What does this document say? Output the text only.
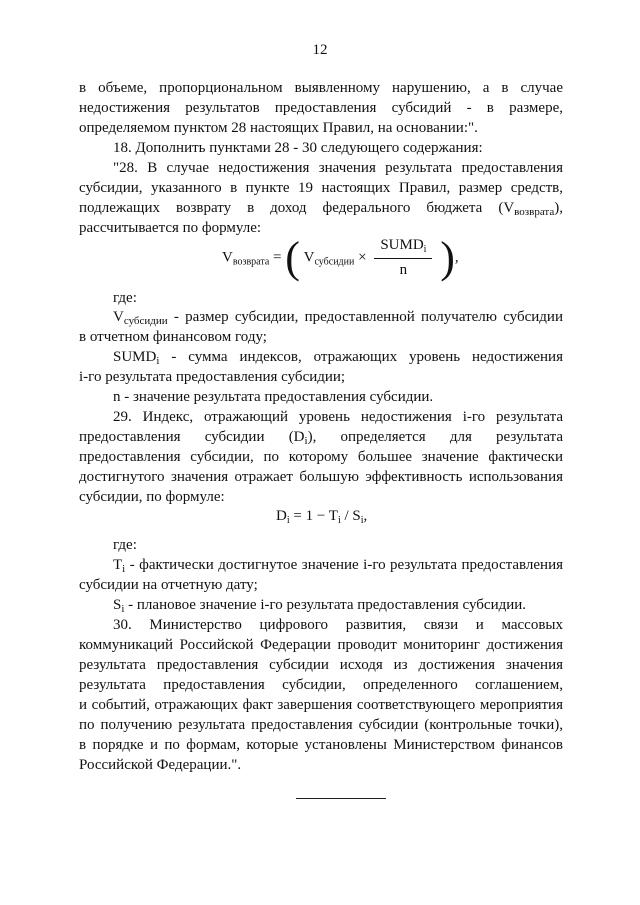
12
в объеме, пропорциональном выявленному нарушению, а в случае
недостижения результатов предоставления субсидий - в размере,
определяемом пунктом 28 настоящих Правил, на основании:".
18. Дополнить пунктами 28 - 30 следующего содержания:
"28. В случае недостижения значения результата предоставления
субсидии, указанного в пункте 19 настоящих Правил, размер средств,
подлежащих возврату в доход федерального бюджета $(V_{возврата})$,
рассчитывается по формуле:
$V_{возврата}$ = ( $V_{субсидии} \times \frac{SUMD_i}{n}$ ),
где:
$V_{субсидии}$ - размер субсидии, предоставленной получателю субсидии
в отчетном финансовом году;
$SUMD_i$ - сумма индексов, отражающих уровень недостижения
i-го результата предоставления субсидии;
n - значение результата предоставления субсидии.
29. Индекс, отражающий уровень недостижения i-го результата
предоставления субсидии $(D_i)$, определяется для результата
предоставления субсидии, по которому большее значение фактически
достигнутого значения отражает большую эффективность использования
субсидии, по формуле:
$D_i = 1 - T_i / S_i$,
где:
$T_i$ - фактически достигнутое значение i-го результата предоставления
субсидии на отчетную дату;
$S_i$ - плановое значение i-го результата предоставления субсидии.
30. Министерство цифрового развития, связи и массовых
коммуникаций Российской Федерации проводит мониторинг достижения
результата предоставления субсидии исходя из достижения значения
результата предоставления субсидии, определенного соглашением,
и событий, отражающих факт завершения соответствующего мероприятия
по получению результата предоставления субсидии (контрольные точки),
в порядке и по формам, которые установлены Министерством финансов
Российской Федерации.".
